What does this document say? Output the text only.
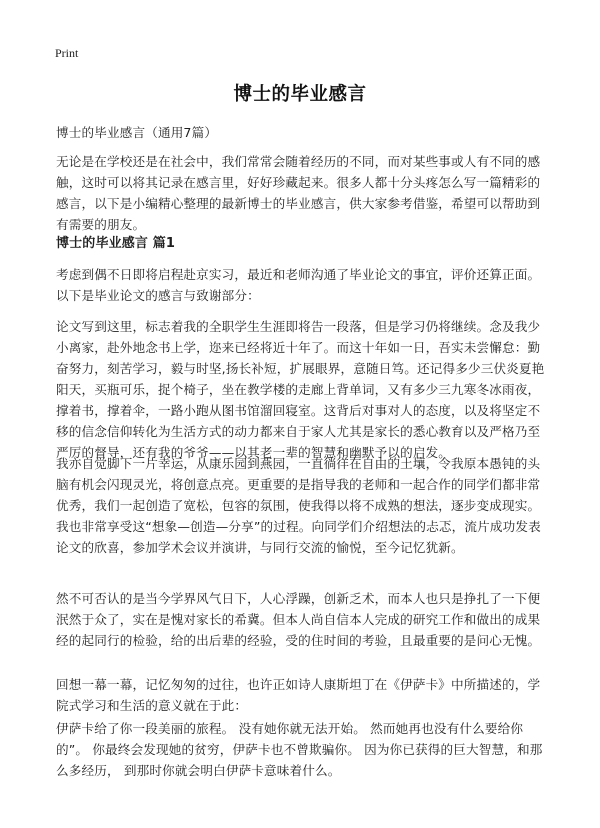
Print
博士的毕业感言
博士的毕业感言（通用7篇）
无论是在学校还是在社会中，我们常常会随着经历的不同，而对某些事或人有不同的感触，这时可以将其记录在感言里，好好珍藏起来。很多人都十分头疼怎么写一篇精彩的感言，以下是小编精心整理的最新博士的毕业感言，供大家参考借鉴，希望可以帮助到有需要的朋友。
博士的毕业感言 篇1
考虑到偶不日即将启程赴京实习，最近和老师沟通了毕业论文的事宜，评价还算正面。以下是毕业论文的感言与致谢部分：
论文写到这里，标志着我的全职学生生涯即将告一段落，但是学习仍将继续。念及我少小离家，赴外地念书上学，迩来已经将近十年了。而这十年如一日，吾实未尝懈怠：勤奋努力，刻苦学习，毅与时坚,扬长补短，扩展眼界，意随日笃。还记得多少三伏炎夏艳阳天，买瓶可乐，捉个椅子，坐在教学楼的走廊上背单词，又有多少三九寒冬冰雨夜，撑着书，撑着伞，一路小跑从图书馆溜回寝室。这背后对事对人的态度，以及将坚定不移的信念信仰转化为生活方式的动力都来自于家人尤其是家长的悉心教育以及严格乃至严厉的督导，还有我的爷爷——以其老一辈的智慧和幽默予以的启发。
我亦自觉脚下一片幸运，从康乐园到燕园，一直徜徉在自由的土壤，令我原本愚钝的头脑有机会闪现灵光，将创意点亮。更重要的是指导我的老师和一起合作的同学们都非常优秀，我们一起创造了宽松，包容的氛围，使我得以将不成熟的想法，逐步变成现实。我也非常享受这“想象—创造—分享”的过程。向同学们介绍想法的忐忑，流片成功发表论文的欣喜，参加学术会议并演讲，与同行交流的愉悦，至今记忆犹新。
然不可否认的是当今学界风气日下，人心浮躁，创新乏术，而本人也只是挣扎了一下便泯然于众了，实在是愧对家长的希冀。但本人尚自信本人完成的研究工作和做出的成果经的起同行的检验，给的出后辈的经验，受的住时间的考验，且最重要的是问心无愧。
回想一幕一幕，记忆匆匆的过往，也许正如诗人康斯坦丁在《伊萨卡》中所描述的，学院式学习和生活的意义就在于此：
伊萨卡给了你一段美丽的旅程。 没有她你就无法开始。 然而她再也没有什么要给你的”。 你最终会发现她的贫穷，伊萨卡也不曾欺骗你。 因为你已获得的巨大智慧，和那么多经历， 到那时你就会明白伊萨卡意味着什么。
